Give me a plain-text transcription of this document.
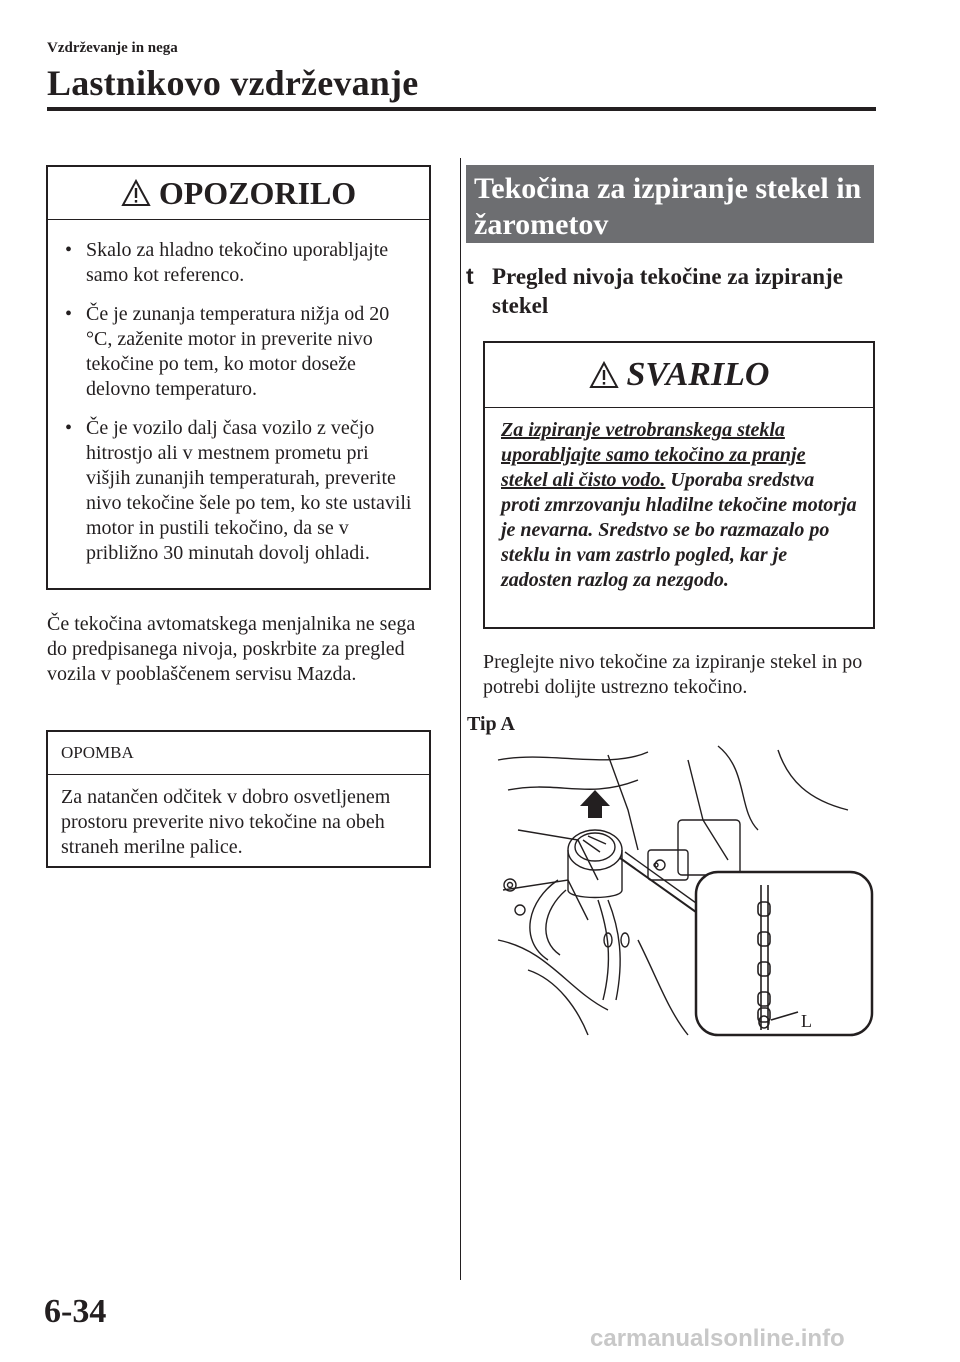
Vzdrževanje in nega
Lastnikovo vzdrževanje
OPOZORILO
• Skalo za hladno tekočino uporabljajte samo kot referenco.
• Če je zunanja temperatura nižja od 20 °C, zaženite motor in preverite nivo tekočine po tem, ko motor doseže delovno temperaturo.
• Če je vozilo dalj časa vozilo z večjo hitrostjo ali v mestnem prometu pri višjih zunanjih temperaturah, preverite nivo tekočine šele po tem, ko ste ustavili motor in pustili tekočino, da se v približno 30 minutah dovolj ohladi.
Če tekočina avtomatskega menjalnika ne sega do predpisanega nivoja, poskrbite za pregled vozila v pooblaščenem servisu Mazda.
OPOMBA
Za natančen odčitek v dobro osvetljenem prostoru preverite nivo tekočine na obeh straneh merilne palice.
Tekočina za izpiranje stekel in žarometov
t Pregled nivoja tekočine za izpiranje stekel
SVARILO
Za izpiranje vetrobranskega stekla uporabljajte samo tekočino za pranje stekel ali čisto vodo. Uporaba sredstva proti zmrzovanju hladilne tekočine motorja je nevarna. Sredstvo se bo razmazalo po steklu in vam zastrlo pogled, kar je zadosten razlog za nezgodo.
Preglejte nivo tekočine za izpiranje stekel in po potrebi dolijte ustrezno tekočino.
Tip A
L
6-34
carmanualsonline.info
